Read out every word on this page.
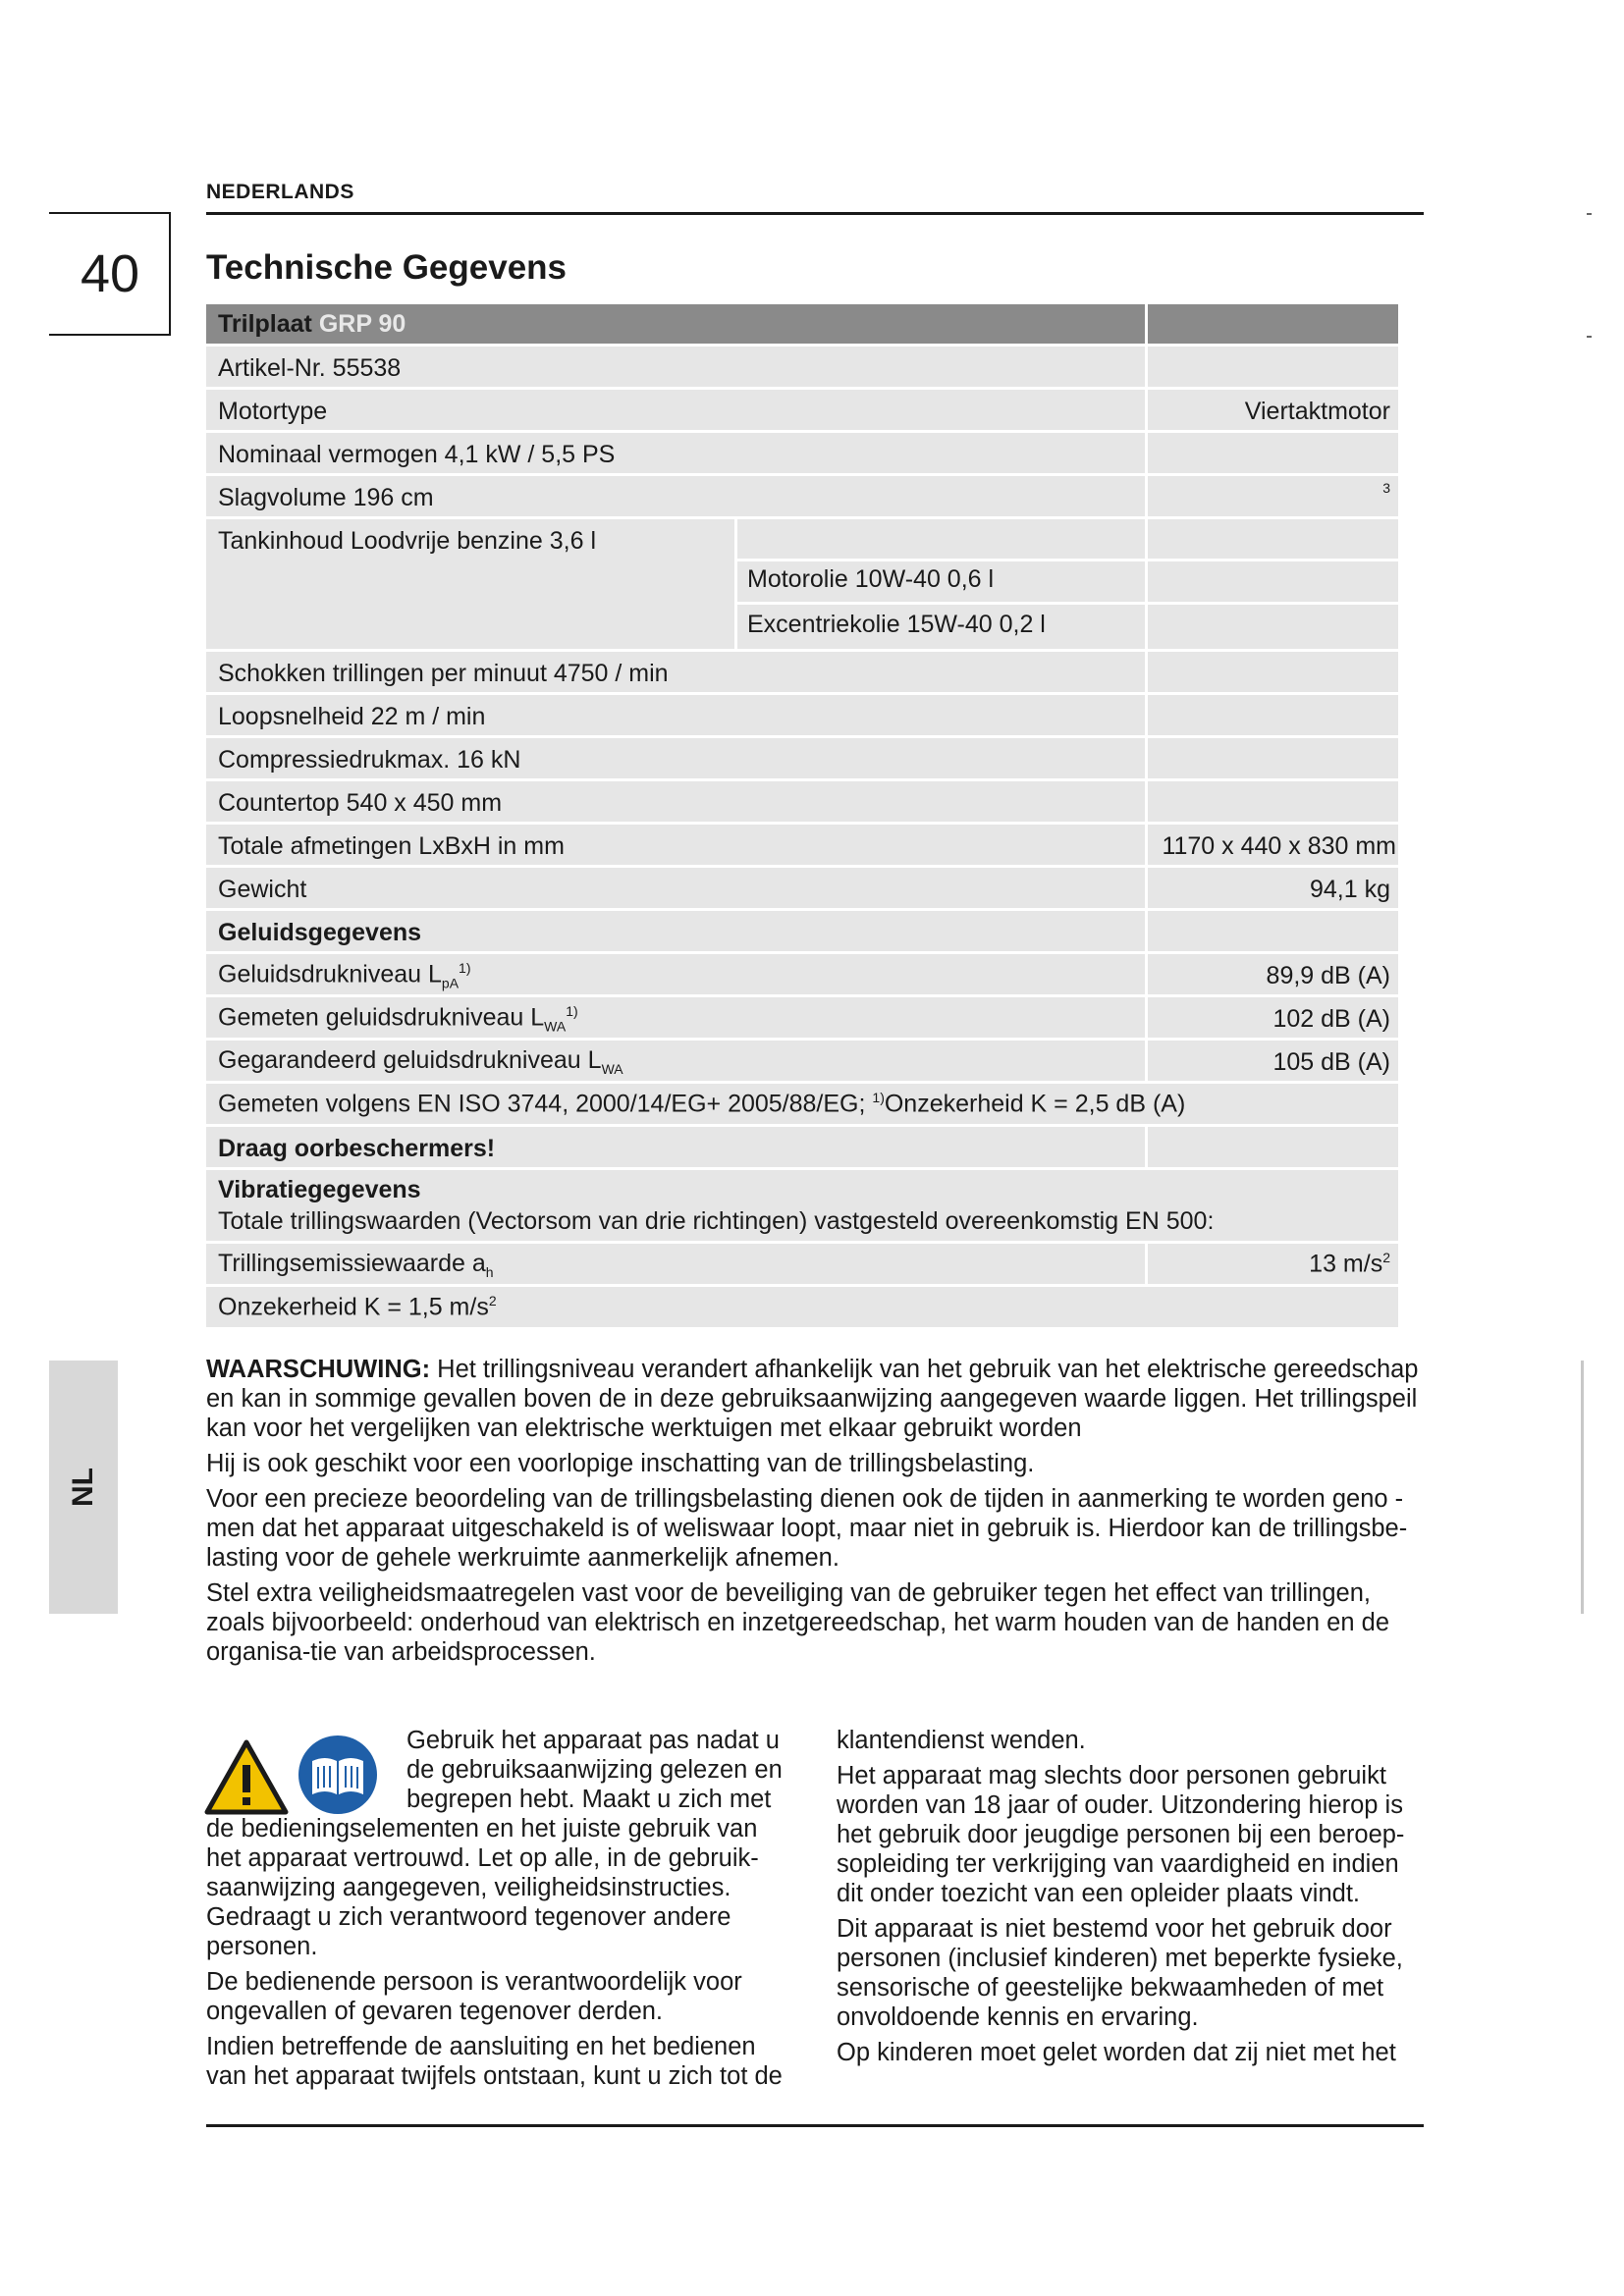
NEDERLANDS
40	Technische Gegevens
NL
Trilplaat GRP 90
Artikel-Nr. 55538
Motortype	Viertaktmotor
Nominaal vermogen 4,1 kW / 5,5 PS
Slagvolume 196 cm	3
Tankinhoud Loodvrije benzine 3,6 l
Motorolie 10W-40 0,6 l
Excentriekolie 15W-40 0,2 l
Schokken trillingen per minuut 4750 / min
Loopsnelheid 22 m / min
Compressiedrukmax. 16 kN
Countertop 540 x 450 mm
Totale afmetingen LxBxH in mm	1170 x 440 x 830 mm
Gewicht	94,1 kg
Geluidsgegevens
Geluidsdrukniveau $L_{pA}^{1)}$	89,9 dB (A)
Gemeten geluidsdrukniveau $L_{WA}^{1)}$	102 dB (A)
Gegarandeerd geluidsdrukniveau $L_{WA}$	105 dB (A)
Gemeten volgens EN ISO 3744, 2000/14/EG+ 2005/88/EG; $^{1)}$Onzekerheid K = 2,5 dB (A)
Draag oorbeschermers!
Vibratiegegevens
Totale trillingswaarden (Vectorsom van drie richtingen) vastgesteld overeenkomstig EN 500:
Trillingsemissiewaarde $a_h$	13 $m/s^2$
Onzekerheid K = 1,5 $m/s^2$

WAARSCHUWING: Het trillingsniveau verandert afhankelijk van het gebruik van het elektrische gereedschap en kan in sommige gevallen boven de in deze gebruiksaanwijzing aangegeven waarde liggen. Het trillingspeil kan voor het vergelijken van elektrische werktuigen met elkaar gebruikt worden

Hij is ook geschikt voor een voorlopige inschatting van de trillingsbelasting.

Voor een precieze beoordeling van de trillingsbelasting dienen ook de tijden in aanmerking te worden geno - men dat het apparaat uitgeschakeld is of weliswaar loopt, maar niet in gebruik is. Hierdoor kan de trillingsbe-lasting voor de gehele werkruimte aanmerkelijk afnemen.

Stel extra veiligheidsmaatregelen vast voor de beveiliging van de gebruiker tegen het effect van trillingen, zoals bijvoorbeeld: onderhoud van elektrisch en inzetgereedschap, het warm houden van de handen en de organisa-tie van arbeidsprocessen.

Gebruik het apparaat pas nadat u de gebruiksaanwijzing gelezen en begrepen hebt. Maakt u zich met

de bedieningselementen en het juiste gebruik van het apparaat vertrouwd. Let op alle, in de gebruik-saanwijzing aangegeven, veiligheidsinstructies. Gedraagt u zich verantwoord tegenover andere personen.

De bedienende persoon is verantwoordelijk voor ongevallen of gevaren tegenover derden.

Indien betreffende de aansluiting en het bedienen van het apparaat twijfels ontstaan, kunt u zich tot de

klantendienst wenden.

Het apparaat mag slechts door personen gebruikt worden van 18 jaar of ouder. Uitzondering hierop is het gebruik door jeugdige personen bij een beroep-sopleiding ter verkrijging van vaardigheid en indien dit onder toezicht van een opleider plaats vindt.

Dit apparaat is niet bestemd voor het gebruik door personen (inclusief kinderen) met beperkte fysieke, sensorische of geestelijke bekwaamheden of met onvoldoende kennis en ervaring.

Op kinderen moet gelet worden dat zij niet met het
